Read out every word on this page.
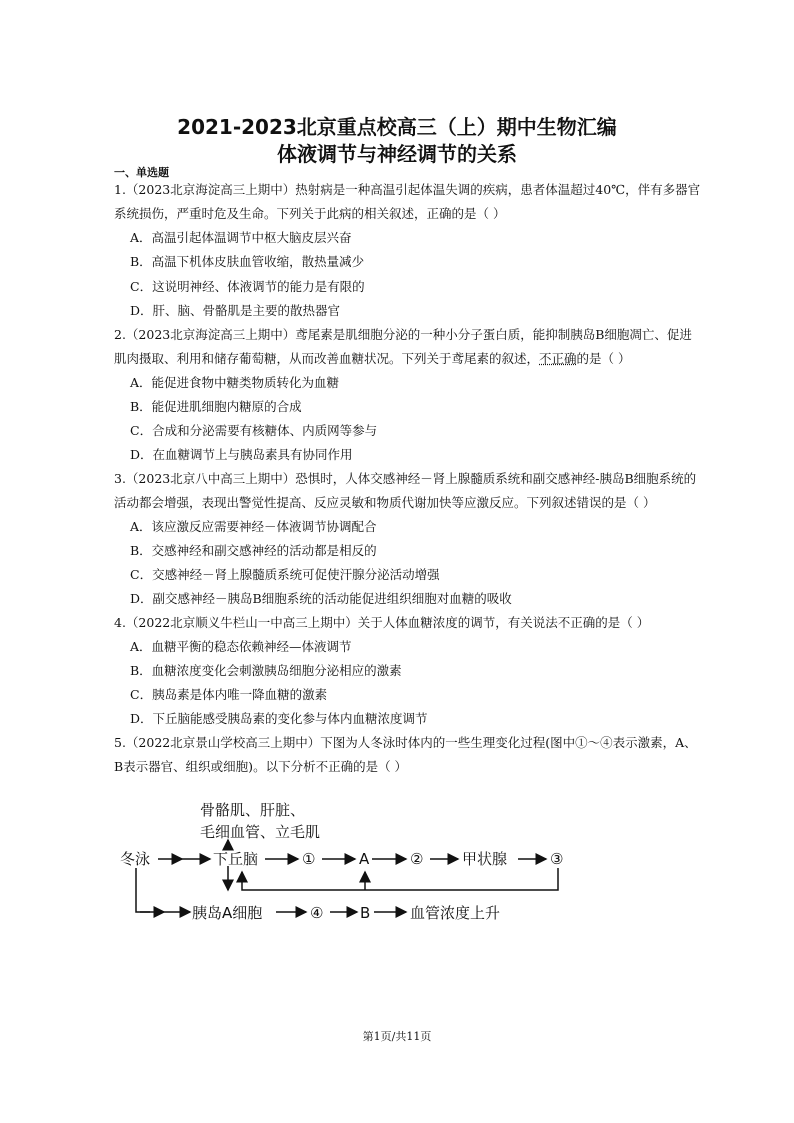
2021-2023北京重点校高三（上）期中生物汇编
体液调节与神经调节的关系
一、单选题
1.（2023北京海淀高三上期中）热射病是一种高温引起体温失调的疾病，患者体温超过40℃，伴有多器官
系统损伤，严重时危及生命。下列关于此病的相关叙述，正确的是（ ）
A．高温引起体温调节中枢大脑皮层兴奋
B．高温下机体皮肤血管收缩，散热量减少
C．这说明神经、体液调节的能力是有限的
D．肝、脑、骨骼肌是主要的散热器官
2.（2023北京海淀高三上期中）鸢尾素是肌细胞分泌的一种小分子蛋白质，能抑制胰岛B细胞凋亡、促进
肌肉摄取、利用和储存葡萄糖，从而改善血糖状况。下列关于鸢尾素的叙述，不正确的是（ ）
A．能促进食物中糖类物质转化为血糖
B．能促进肌细胞内糖原的合成
C．合成和分泌需要有核糖体、内质网等参与
D．在血糖调节上与胰岛素具有协同作用
3.（2023北京八中高三上期中）恐惧时，人体交感神经－肾上腺髓质系统和副交感神经-胰岛B细胞系统的
活动都会增强，表现出警觉性提高、反应灵敏和物质代谢加快等应激反应。下列叙述错误的是（ ）
A．该应激反应需要神经－体液调节协调配合
B．交感神经和副交感神经的活动都是相反的
C．交感神经－肾上腺髓质系统可促使汗腺分泌活动增强
D．副交感神经－胰岛B细胞系统的活动能促进组织细胞对血糖的吸收
4.（2022北京顺义牛栏山一中高三上期中）关于人体血糖浓度的调节，有关说法不正确的是（ ）
A．血糖平衡的稳态依赖神经—体液调节
B．血糖浓度变化会刺激胰岛细胞分泌相应的激素
C．胰岛素是体内唯一降血糖的激素
D．下丘脑能感受胰岛素的变化参与体内血糖浓度调节
5.（2022北京景山学校高三上期中）下图为人冬泳时体内的一些生理变化过程(图中①～④表示激素，A、
B表示器官、组织或细胞)。以下分析不正确的是（ ）
骨骼肌、肝脏、
毛细血管、立毛肌
冬泳	下丘脑	①	A	②	甲状腺	③
胰岛A细胞	④ B	血管浓度上升
第1页/共11页
